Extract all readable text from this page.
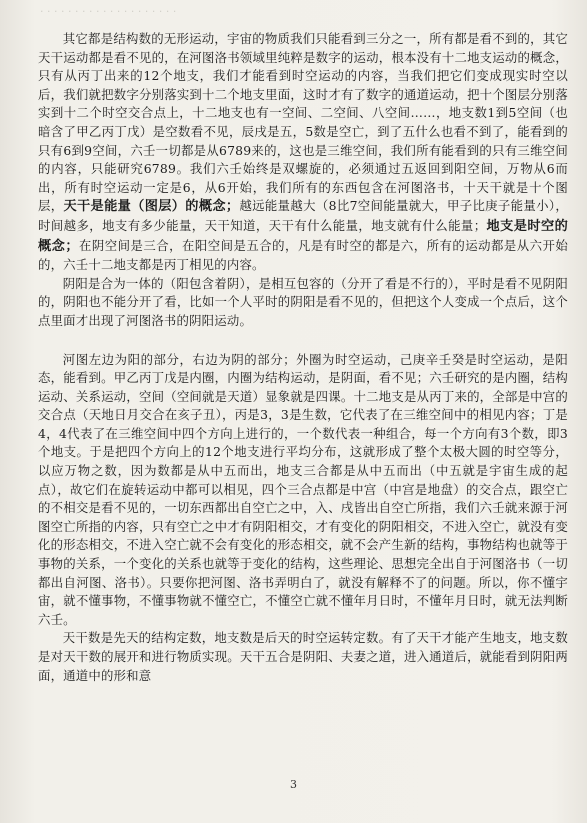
· · · · · · · · · · · · · · · · · · · ·

其它都是结构数的无形运动，宇宙的物质我们只能看到三分之一，所有都是看不到的，其它天干运动都是看不见的，在河图洛书领域里纯粹是数字的运动，根本没有十二地支运动的概念，只有从丙丁出来的12个地支，我们才能看到时空运动的内容，当我们把它们变成现实时空以后，我们就把数字分别落实到十二个地支里面，这时才有了数字的通道运动，把十个图层分别落实到十二个时空交合点上，十二地支也有一空间、二空间、八空间……，地支数1到5空间（也暗含了甲乙丙丁戊）是空数看不见，辰戌是五，5数是空亡，到了五什么也看不到了，能看到的只有6到9空间，六壬一切都是从6789来的，这也是三维空间，我们所有能看到的只有三维空间的内容，只能研究6789。我们六壬始终是双螺旋的，必须通过五返回到阳空间，万物从6而出，所有时空运动一定是6，从6开始，我们所有的东西包含在河图洛书，十天干就是十个图层，天干是能量（图层）的概念；越远能量越大（8比7空间能量就大，甲子比庚子能量小），时间越多，地支有多少能量，天干知道，天干有什么能量，地支就有什么能量；地支是时空的概念；在阴空间是三合，在阳空间是五合的，凡是有时空的都是六，所有的运动都是从六开始的，六壬十二地支都是丙丁相见的内容。

阴阳是合为一体的（阳包含着阴），是相互包容的（分开了看是不行的），平时是看不见阴阳的，阴阳也不能分开了看，比如一个人平时的阴阳是看不见的，但把这个人变成一个点后，这个点里面才出现了河图洛书的阴阳运动。

河图左边为阳的部分，右边为阴的部分；外圈为时空运动，己庚辛壬癸是时空运动，是阳态，能看到。甲乙丙丁戊是内圈，内圈为结构运动，是阴面，看不见；六壬研究的是内圈，结构运动、关系运动，空间（空间就是天道）显象就是四课。十二地支是从丙丁来的，全部是中宫的交合点（天地日月交合在亥子丑），丙是3，3是生数，它代表了在三维空间中的相见内容；丁是4，4代表了在三维空间中四个方向上进行的，一个数代表一种组合，每一个方向有3个数，即3个地支。于是把四个方向上的12个地支进行平均分布，这就形成了整个太极大圆的时空等分，以应万物之数，因为数都是从中五而出，地支三合都是从中五而出（中五就是宇宙生成的起点），故它们在旋转运动中都可以相见，四个三合点都是中宫（中宫是地盘）的交合点，跟空亡的不相交是看不见的，一切东西都出自空亡之中，入、戌皆出自空亡所指，我们六壬就来源于河图空亡所指的内容，只有空亡之中才有阴阳相交，才有变化的阴阳相交，不进入空亡，就没有变化的形态相交，不进入空亡就不会有变化的形态相交，就不会产生新的结构，事物结构也就等于事物的关系，一个变化的关系也就等于变化的结构，这些理论、思想完全出自于河图洛书（一切都出自河图、洛书）。只要你把河图、洛书弄明白了，就没有解释不了的问题。所以，你不懂宇宙，就不懂事物，不懂事物就不懂空亡，不懂空亡就不懂年月日时，不懂年月日时，就无法判断六壬。

天干数是先天的结构定数，地支数是后天的时空运转定数。有了天干才能产生地支，地支数是对天干数的展开和进行物质实现。天干五合是阴阳、夫妻之道，进入通道后，就能看到阴阳两面，通道中的形和意

3
